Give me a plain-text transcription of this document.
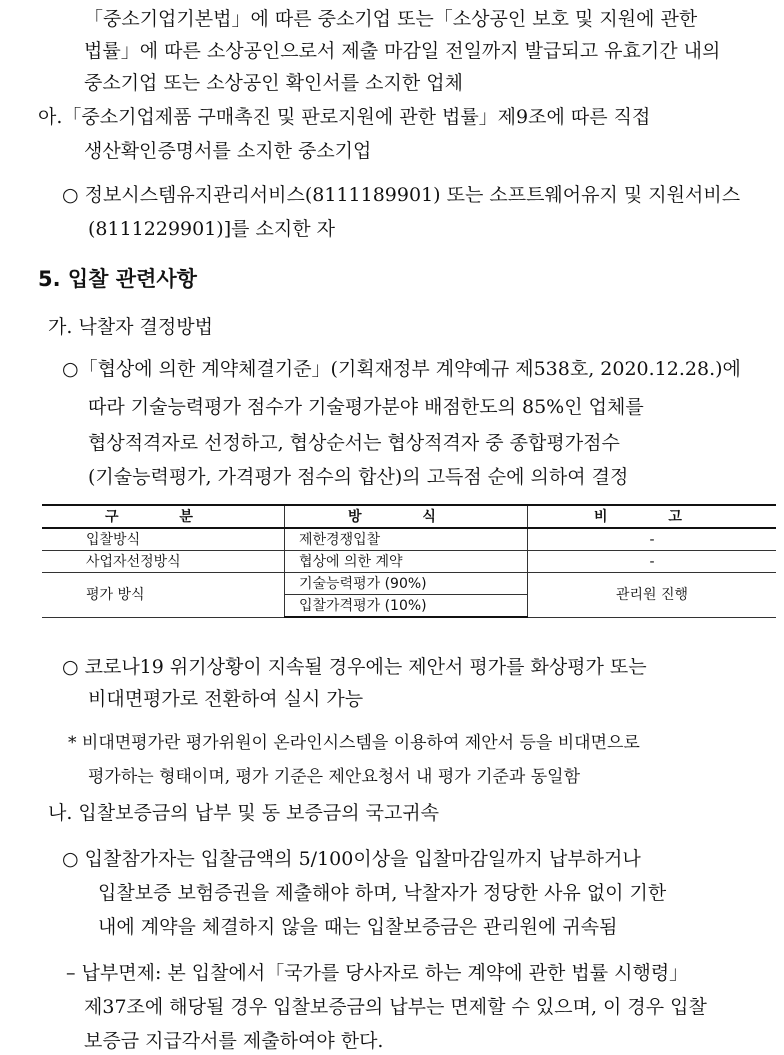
「중소기업기본법」에 따른 중소기업 또는「소상공인 보호 및 지원에 관한
법률」에 따른 소상공인으로서 제출 마감일 전일까지 발급되고 유효기간 내의
중소기업 또는 소상공인 확인서를 소지한 업체
아.「중소기업제품 구매촉진 및 판로지원에 관한 법률」제9조에 따른 직접
생산확인증명서를 소지한 중소기업
○ 정보시스템유지관리서비스(8111189901) 또는 소프트웨어유지 및 지원서비스
(8111229901)]를 소지한 자
5. 입찰 관련사항
가. 낙찰자 결정방법
○「협상에 의한 계약체결기준」(기획재정부 계약예규 제538호, 2020.12.28.)에
따라 기술능력평가 점수가 기술평가분야 배점한도의 85%인 업체를
협상적격자로 선정하고, 협상순서는 협상적격자 중 종합평가점수
(기술능력평가, 가격평가 점수의 합산)의 고득점 순에 의하여 결정
구 분	방 식	비 고
입찰방식	제한경쟁입찰	-
사업자선정방식	협상에 의한 계약	-
평가 방식	기술능력평가 (90%)	관리원 진행
	입찰가격평가 (10%)	
○ 코로나19 위기상황이 지속될 경우에는 제안서 평가를 화상평가 또는
비대면평가로 전환하여 실시 가능
* 비대면평가란 평가위원이 온라인시스템을 이용하여 제안서 등을 비대면으로
평가하는 형태이며, 평가 기준은 제안요청서 내 평가 기준과 동일함
나. 입찰보증금의 납부 및 동 보증금의 국고귀속
○ 입찰참가자는 입찰금액의 5/100이상을 입찰마감일까지 납부하거나
입찰보증 보험증권을 제출해야 하며, 낙찰자가 정당한 사유 없이 기한
내에 계약을 체결하지 않을 때는 입찰보증금은 관리원에 귀속됨
– 납부면제: 본 입찰에서「국가를 당사자로 하는 계약에 관한 법률 시행령」
제37조에 해당될 경우 입찰보증금의 납부는 면제할 수 있으며, 이 경우 입찰
보증금 지급각서를 제출하여야 한다.
